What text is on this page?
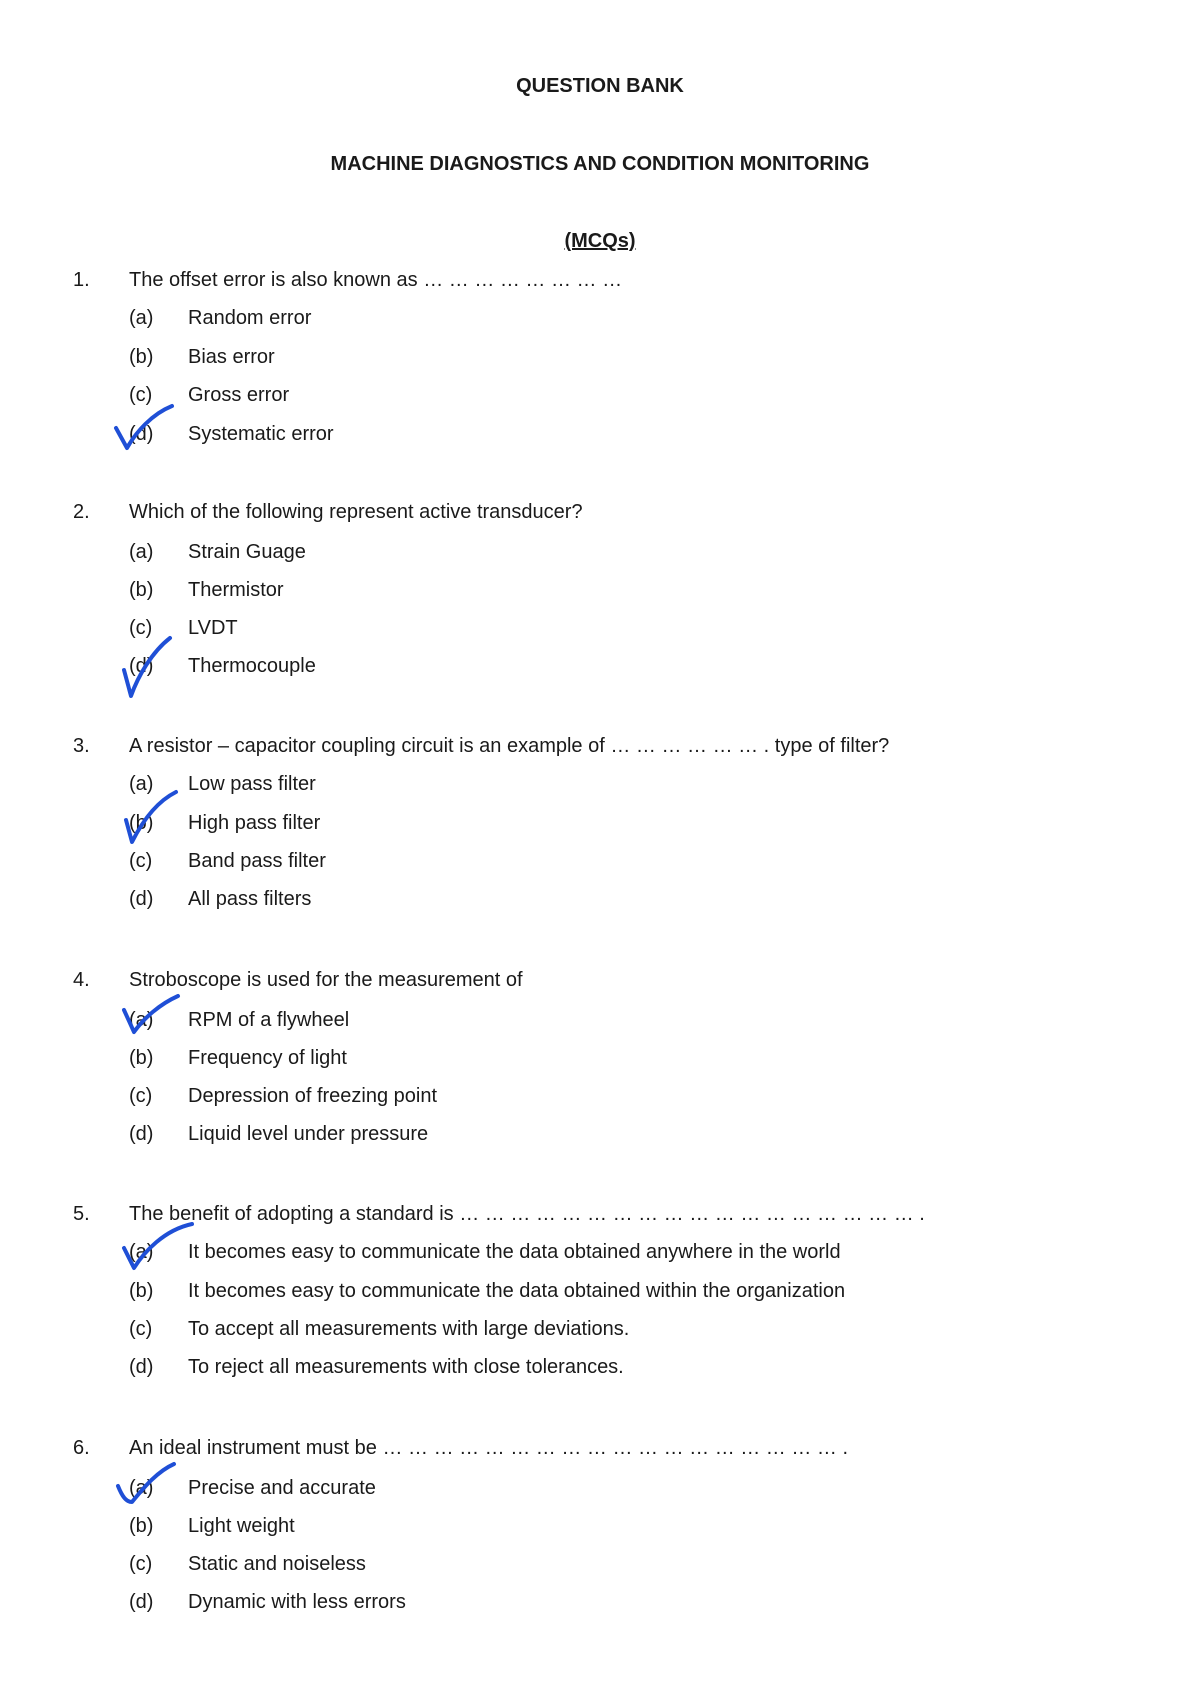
QUESTION BANK
MACHINE DIAGNOSTICS AND CONDITION MONITORING
(MCQs)
1. The offset error is also known as … … … … … … … …
(a) Random error
(b) Bias error
(c) Gross error
(d) Systematic error
2. Which of the following represent active transducer?
(a) Strain Guage
(b) Thermistor
(c) LVDT
(d) Thermocouple
3. A resistor – capacitor coupling circuit is an example of … … … … … … . type of filter?
(a) Low pass filter
(b) High pass filter
(c) Band pass filter
(d) All pass filters
4. Stroboscope is used for the measurement of
(a) RPM of a flywheel
(b) Frequency of light
(c) Depression of freezing point
(d) Liquid level under pressure
5. The benefit of adopting a standard is … … … … … … … … … … … … … … … … … … .
(a) It becomes easy to communicate the data obtained anywhere in the world
(b) It becomes easy to communicate the data obtained within the organization
(c) To accept all measurements with large deviations.
(d) To reject all measurements with close tolerances.
6. An ideal instrument must be … … … … … … … … … … … … … … … … … … .
(a) Precise and accurate
(b) Light weight
(c) Static and noiseless
(d) Dynamic with less errors
